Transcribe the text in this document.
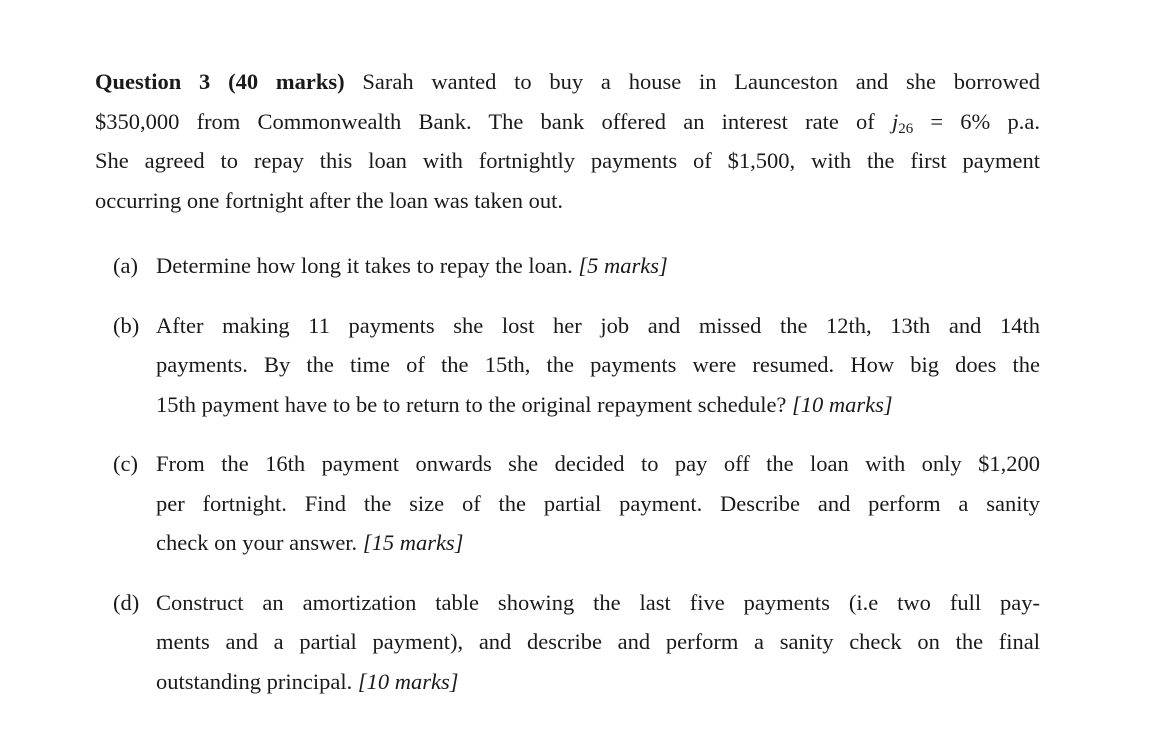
Question 3 (40 marks) Sarah wanted to buy a house in Launceston and she borrowed
$350,000 from Commonwealth Bank. The bank offered an interest rate of j26 = 6% p.a.
She agreed to repay this loan with fortnightly payments of $1,500, with the first payment
occurring one fortnight after the loan was taken out.

(a) Determine how long it takes to repay the loan. [5 marks]
(b) After making 11 payments she lost her job and missed the 12th, 13th and 14th
payments. By the time of the 15th, the payments were resumed. How big does the
15th payment have to be to return to the original repayment schedule? [10 marks]
(c) From the 16th payment onwards she decided to pay off the loan with only $1,200
per fortnight. Find the size of the partial payment. Describe and perform a sanity
check on your answer. [15 marks]
(d) Construct an amortization table showing the last five payments (i.e two full pay-
ments and a partial payment), and describe and perform a sanity check on the final
outstanding principal. [10 marks]
